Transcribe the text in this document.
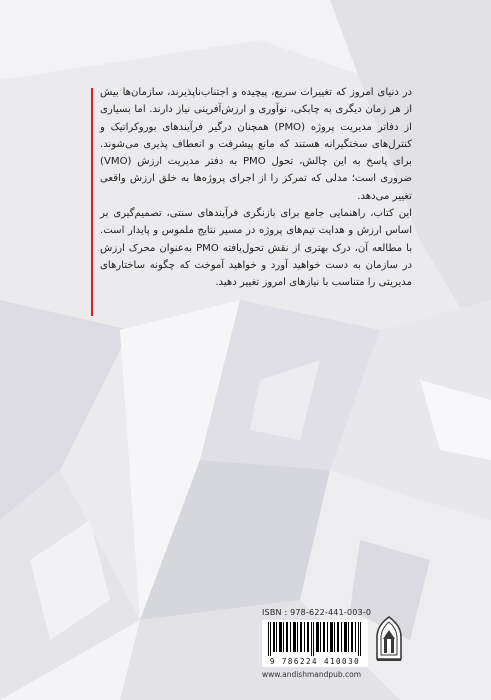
در دنیای امروز که تغییرات سریع، پیچیده و اجتناب‌ناپذیرند، سازمان‌ها بیش از هر زمان دیگری به چابکی، نوآوری و ارزش‌آفرینی نیاز دارند. اما بسیاری از دفاتر مدیریت پروژه (PMO) همچنان درگیر فرآیندهای بوروکراتیک و کنترل‌های سختگیرانه هستند که مانع پیشرفت و انعطاف پذیری می‌شوند. برای پاسخ به این چالش، تحول PMO به دفتر مدیریت ارزش (VMO) ضروری است؛ مدلی که تمرکز را از اجرای پروژه‌ها به خلق ارزش واقعی تغییر می‌دهد.

این کتاب، راهنمایی جامع برای بازنگری فرآیندهای سنتی، تصمیم‌گیری بر اساس ارزش و هدایت تیم‌های پروژه در مسیر نتایج ملموس و پایدار است. با مطالعه آن، درک بهتری از نقش تحول‌یافته PMO به‌عنوان محرک ارزش در سازمان به دست خواهید آورد و خواهید آموخت که چگونه ساختارهای مدیریتی را متناسب با نیازهای امروز تغییر دهید.

ISBN : 978-622-441-003-0
9 786224 410030
www.andishmandpub.com
